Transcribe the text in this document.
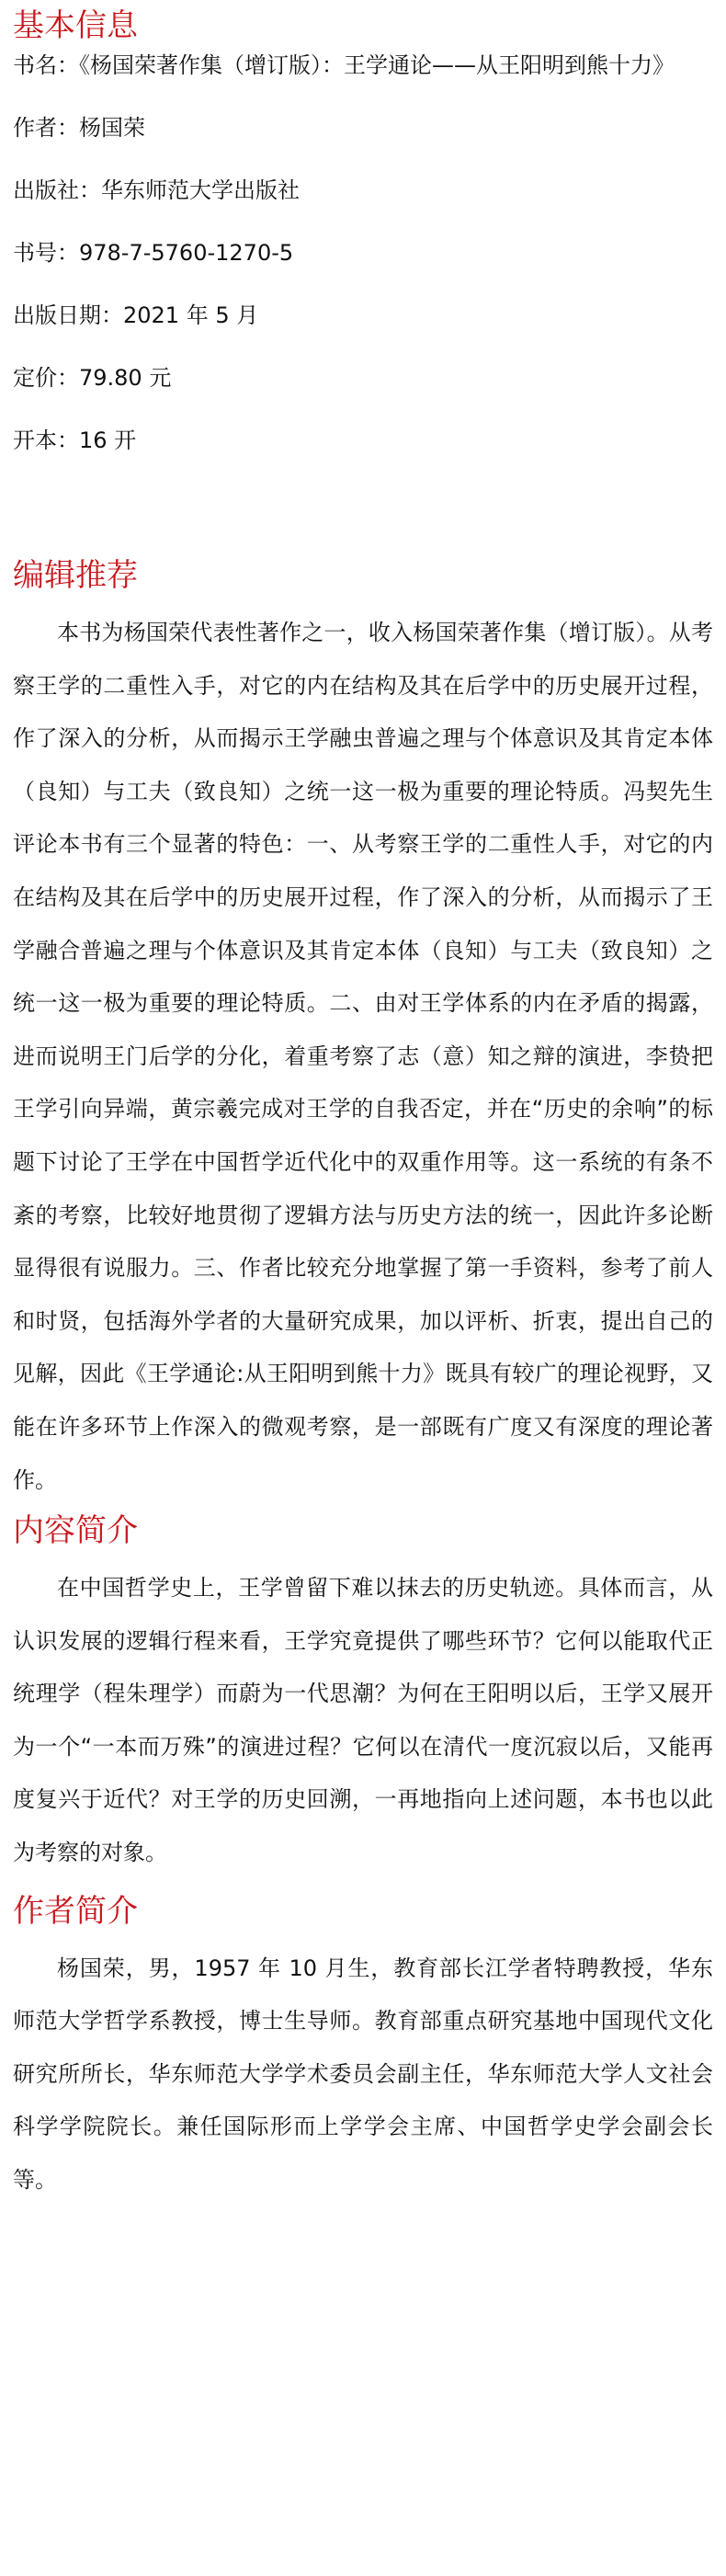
基本信息
书名：《杨国荣著作集（增订版）：王学通论——从王阳明到熊十力》
作者：杨国荣
出版社：华东师范大学出版社
书号：978-7-5760-1270-5
出版日期：2021 年 5 月
定价：79.80 元
开本：16 开
编辑推荐

本书为杨国荣代表性著作之一，收入杨国荣著作集（增订版）。从考察王学的二重性入手，对它的内在结构及其在后学中的历史展开过程，作了深入的分析，从而揭示王学融虫普遍之理与个体意识及其肯定本体（良知）与工夫（致良知）之统一这一极为重要的理论特质。冯契先生评论本书有三个显著的特色：一、从考察王学的二重性人手，对它的内在结构及其在后学中的历史展开过程，作了深入的分析，从而揭示了王学融合普遍之理与个体意识及其肯定本体（良知）与工夫（致良知）之统一这一极为重要的理论特质。二、由对王学体系的内在矛盾的揭露，进而说明王门后学的分化，着重考察了志（意）知之辩的演进，李贽把王学引向异端，黄宗羲完成对王学的自我否定，并在“历史的余响”的标题下讨论了王学在中国哲学近代化中的双重作用等。这一系统的有条不紊的考察，比较好地贯彻了逻辑方法与历史方法的统一，因此许多论断显得很有说服力。三、作者比较充分地掌握了第一手资料，参考了前人和时贤，包括海外学者的大量研究成果，加以评析、折衷，提出自己的见解，因此《王学通论:从王阳明到熊十力》既具有较广的理论视野，又能在许多环节上作深入的微观考察，是一部既有广度又有深度的理论著作。

内容简介

在中国哲学史上，王学曾留下难以抹去的历史轨迹。具体而言，从认识发展的逻辑行程来看，王学究竟提供了哪些环节？它何以能取代正统理学（程朱理学）而蔚为一代思潮？为何在王阳明以后，王学又展开为一个“一本而万殊”的演进过程？它何以在清代一度沉寂以后，又能再度复兴于近代？对王学的历史回溯，一再地指向上述问题，本书也以此为考察的对象。

作者简介

杨国荣，男，1957 年 10 月生，教育部长江学者特聘教授，华东师范大学哲学系教授，博士生导师。教育部重点研究基地中国现代文化研究所所长，华东师范大学学术委员会副主任，华东师范大学人文社会科学学院院长。兼任国际形而上学学会主席、中国哲学史学会副会长等。
